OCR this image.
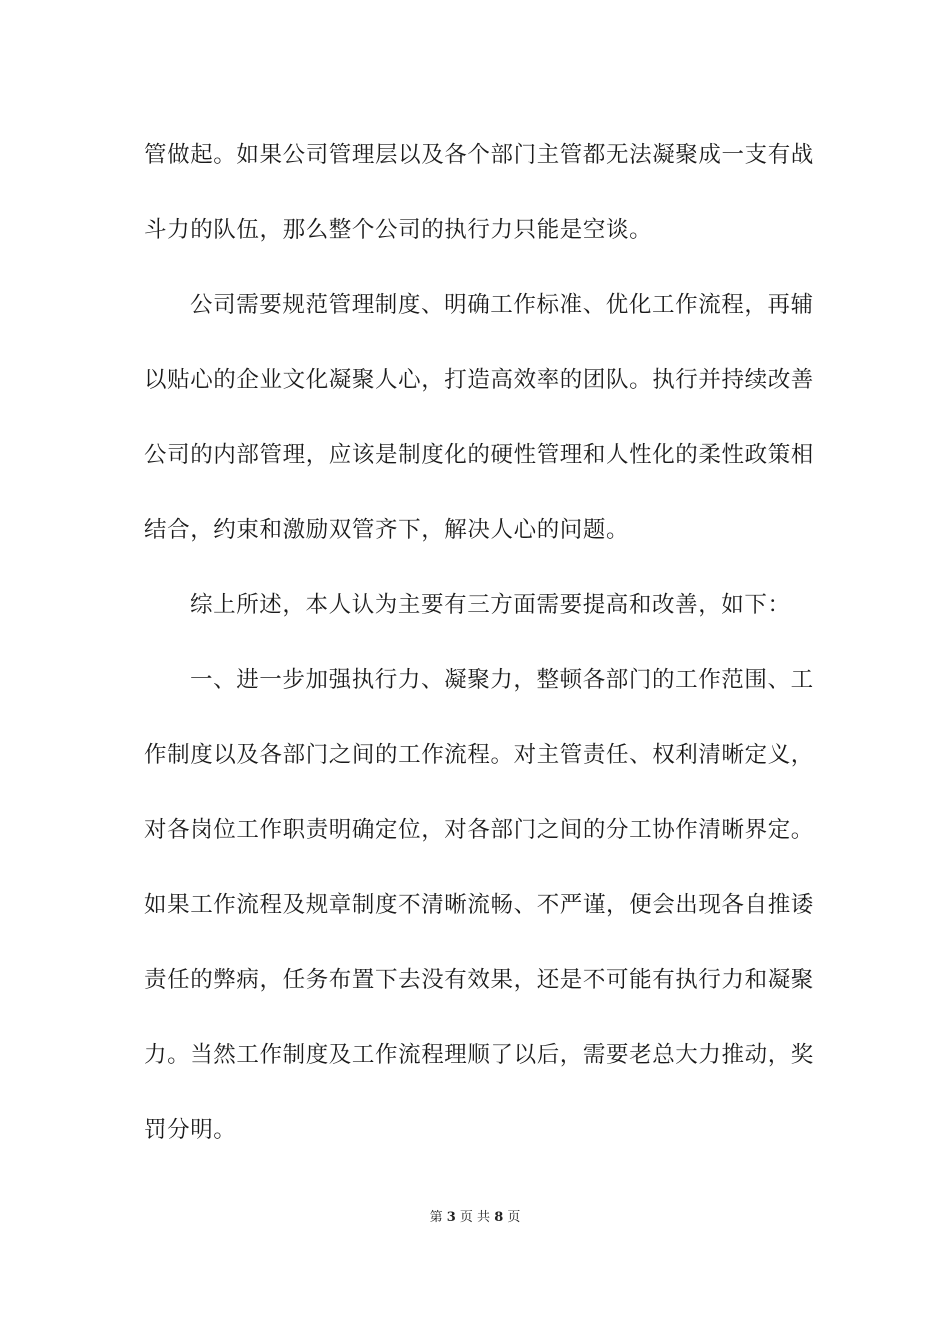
管做起。如果公司管理层以及各个部门主管都无法凝聚成一支有战
斗力的队伍，那么整个公司的执行力只能是空谈。
公司需要规范管理制度、明确工作标准、优化工作流程，再辅
以贴心的企业文化凝聚人心，打造高效率的团队。执行并持续改善
公司的内部管理，应该是制度化的硬性管理和人性化的柔性政策相
结合，约束和激励双管齐下，解决人心的问题。
综上所述，本人认为主要有三方面需要提高和改善，如下：
一、进一步加强执行力、凝聚力，整顿各部门的工作范围、工
作制度以及各部门之间的工作流程。对主管责任、权利清晰定义，
对各岗位工作职责明确定位，对各部门之间的分工协作清晰界定。
如果工作流程及规章制度不清晰流畅、不严谨，便会出现各自推诿
责任的弊病，任务布置下去没有效果，还是不可能有执行力和凝聚
力。当然工作制度及工作流程理顺了以后，需要老总大力推动，奖
罚分明。
第 3 页 共 8 页
